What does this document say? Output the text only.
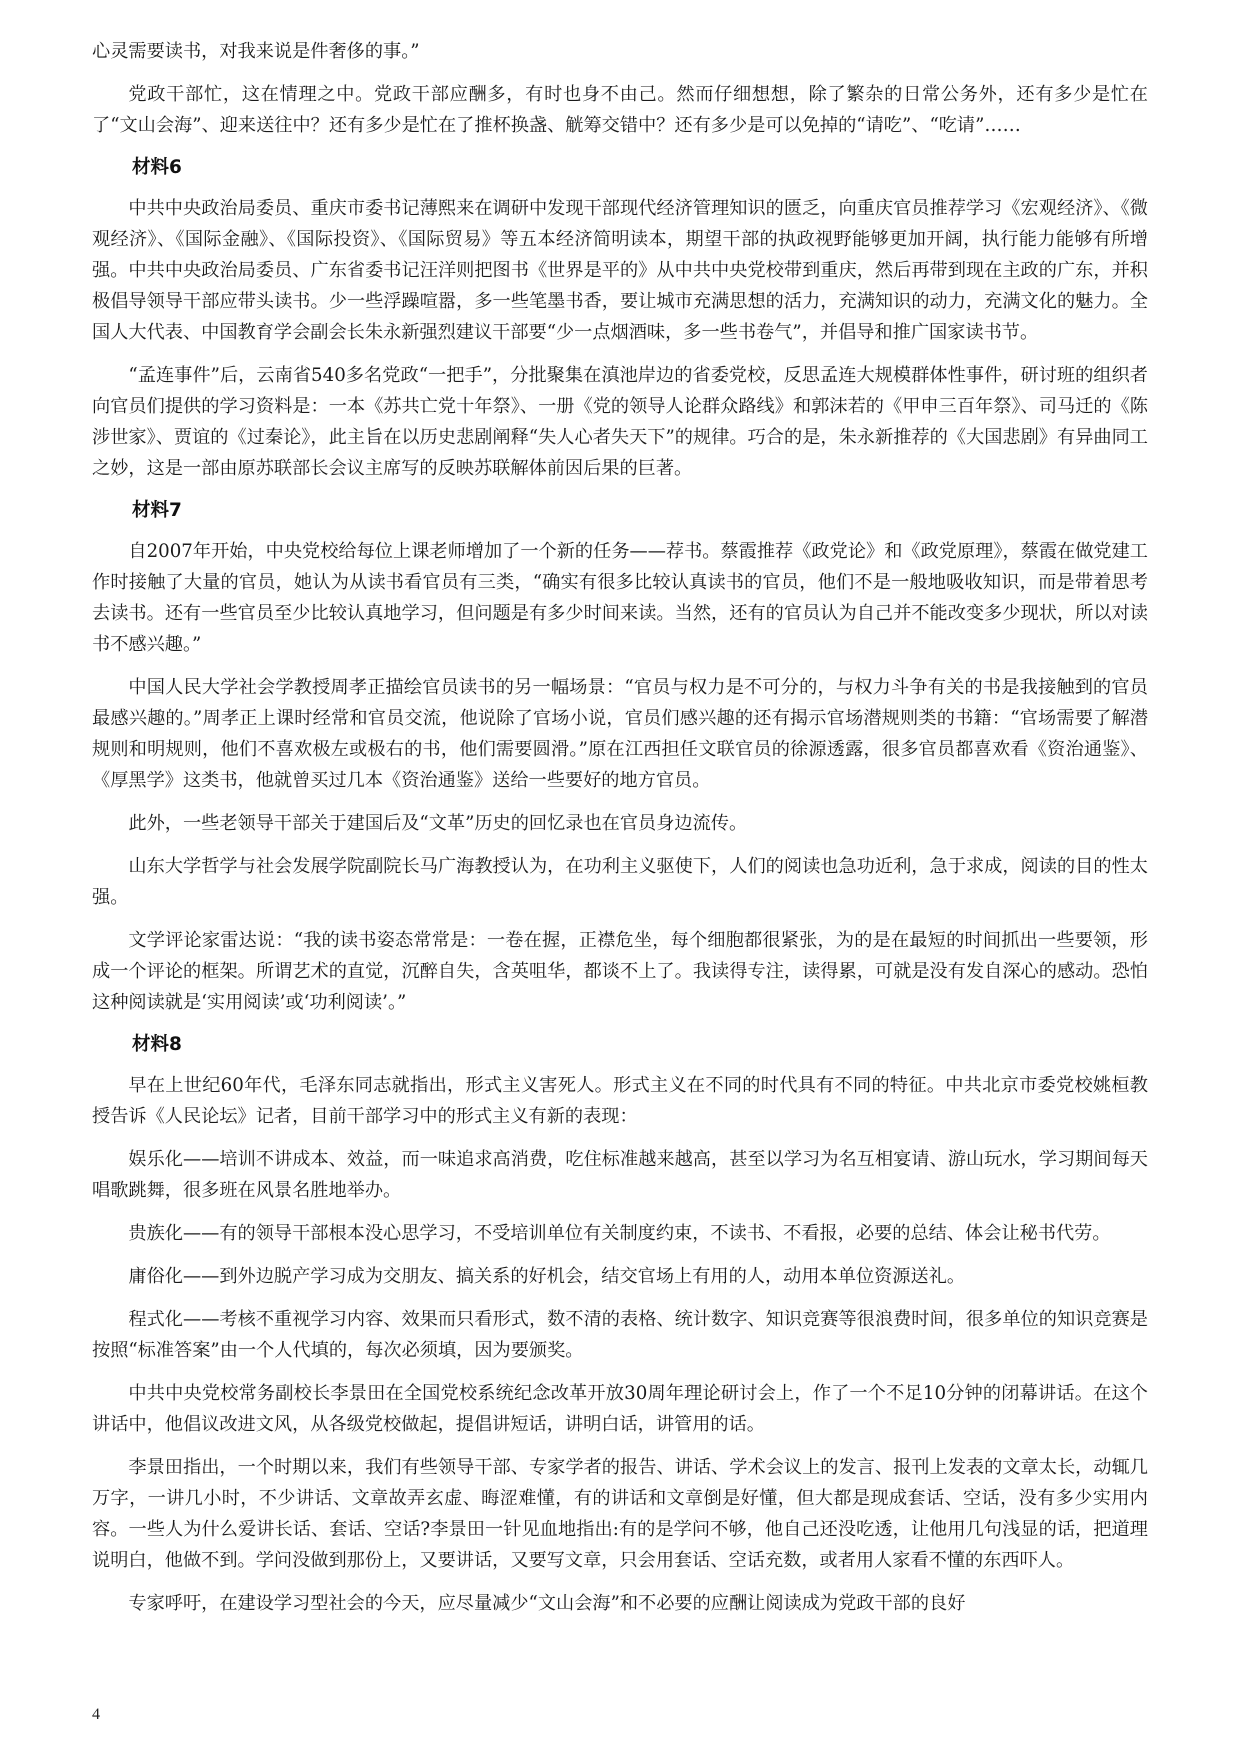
心灵需要读书，对我来说是件奢侈的事。”

党政干部忙，这在情理之中。党政干部应酬多，有时也身不由己。然而仔细想想，除了繁杂的日常公务外，还有多少是忙在了“文山会海”、迎来送往中？还有多少是忙在了推杯换盏、觥筹交错中？还有多少是可以免掉的“请吃”、“吃请”……

材料6

中共中央政治局委员、重庆市委书记薄熙来在调研中发现干部现代经济管理知识的匮乏，向重庆官员推荐学习《宏观经济》、《微观经济》、《国际金融》、《国际投资》、《国际贸易》等五本经济简明读本，期望干部的执政视野能够更加开阔，执行能力能够有所增强。中共中央政治局委员、广东省委书记汪洋则把图书《世界是平的》从中共中央党校带到重庆，然后再带到现在主政的广东，并积极倡导领导干部应带头读书。少一些浮躁喧嚣，多一些笔墨书香，要让城市充满思想的活力，充满知识的动力，充满文化的魅力。全国人大代表、中国教育学会副会长朱永新强烈建议干部要“少一点烟酒味，多一些书卷气”，并倡导和推广国家读书节。

“孟连事件”后，云南省540多名党政“一把手”，分批聚集在滇池岸边的省委党校，反思孟连大规模群体性事件，研讨班的组织者向官员们提供的学习资料是：一本《苏共亡党十年祭》、一册《党的领导人论群众路线》和郭沫若的《甲申三百年祭》、司马迁的《陈涉世家》、贾谊的《过秦论》，此主旨在以历史悲剧阐释“失人心者失天下”的规律。巧合的是，朱永新推荐的《大国悲剧》有异曲同工之妙，这是一部由原苏联部长会议主席写的反映苏联解体前因后果的巨著。

材料7

自2007年开始，中央党校给每位上课老师增加了一个新的任务——荐书。蔡霞推荐《政党论》和《政党原理》，蔡霞在做党建工作时接触了大量的官员，她认为从读书看官员有三类，“确实有很多比较认真读书的官员，他们不是一般地吸收知识，而是带着思考去读书。还有一些官员至少比较认真地学习，但问题是有多少时间来读。当然，还有的官员认为自己并不能改变多少现状，所以对读书不感兴趣。”

中国人民大学社会学教授周孝正描绘官员读书的另一幅场景：“官员与权力是不可分的，与权力斗争有关的书是我接触到的官员最感兴趣的。”周孝正上课时经常和官员交流，他说除了官场小说，官员们感兴趣的还有揭示官场潜规则类的书籍：“官场需要了解潜规则和明规则，他们不喜欢极左或极右的书，他们需要圆滑。”原在江西担任文联官员的徐源透露，很多官员都喜欢看《资治通鉴》、《厚黑学》这类书，他就曾买过几本《资治通鉴》送给一些要好的地方官员。

此外，一些老领导干部关于建国后及“文革”历史的回忆录也在官员身边流传。

山东大学哲学与社会发展学院副院长马广海教授认为，在功利主义驱使下，人们的阅读也急功近利，急于求成，阅读的目的性太强。

文学评论家雷达说：“我的读书姿态常常是：一卷在握，正襟危坐，每个细胞都很紧张，为的是在最短的时间抓出一些要领，形成一个评论的框架。所谓艺术的直觉，沉醉自失，含英咀华，都谈不上了。我读得专注，读得累，可就是没有发自深心的感动。恐怕这种阅读就是‘实用阅读’或‘功利阅读’。”

材料8

早在上世纪60年代，毛泽东同志就指出，形式主义害死人。形式主义在不同的时代具有不同的特征。中共北京市委党校姚桓教授告诉《人民论坛》记者，目前干部学习中的形式主义有新的表现：

娱乐化——培训不讲成本、效益，而一味追求高消费，吃住标准越来越高，甚至以学习为名互相宴请、游山玩水，学习期间每天唱歌跳舞，很多班在风景名胜地举办。

贵族化——有的领导干部根本没心思学习，不受培训单位有关制度约束，不读书、不看报，必要的总结、体会让秘书代劳。

庸俗化——到外边脱产学习成为交朋友、搞关系的好机会，结交官场上有用的人，动用本单位资源送礼。

程式化——考核不重视学习内容、效果而只看形式，数不清的表格、统计数字、知识竞赛等很浪费时间，很多单位的知识竞赛是按照“标准答案”由一个人代填的，每次必须填，因为要颁奖。

中共中央党校常务副校长李景田在全国党校系统纪念改革开放30周年理论研讨会上，作了一个不足10分钟的闭幕讲话。在这个讲话中，他倡议改进文风，从各级党校做起，提倡讲短话，讲明白话，讲管用的话。

李景田指出，一个时期以来，我们有些领导干部、专家学者的报告、讲话、学术会议上的发言、报刊上发表的文章太长，动辄几万字，一讲几小时，不少讲话、文章故弄玄虚、晦涩难懂，有的讲话和文章倒是好懂，但大都是现成套话、空话，没有多少实用内容。一些人为什么爱讲长话、套话、空话?李景田一针见血地指出:有的是学问不够，他自己还没吃透，让他用几句浅显的话，把道理说明白，他做不到。学问没做到那份上，又要讲话，又要写文章，只会用套话、空话充数，或者用人家看不懂的东西吓人。

专家呼吁，在建设学习型社会的今天，应尽量减少“文山会海”和不必要的应酬让阅读成为党政干部的良好

4
